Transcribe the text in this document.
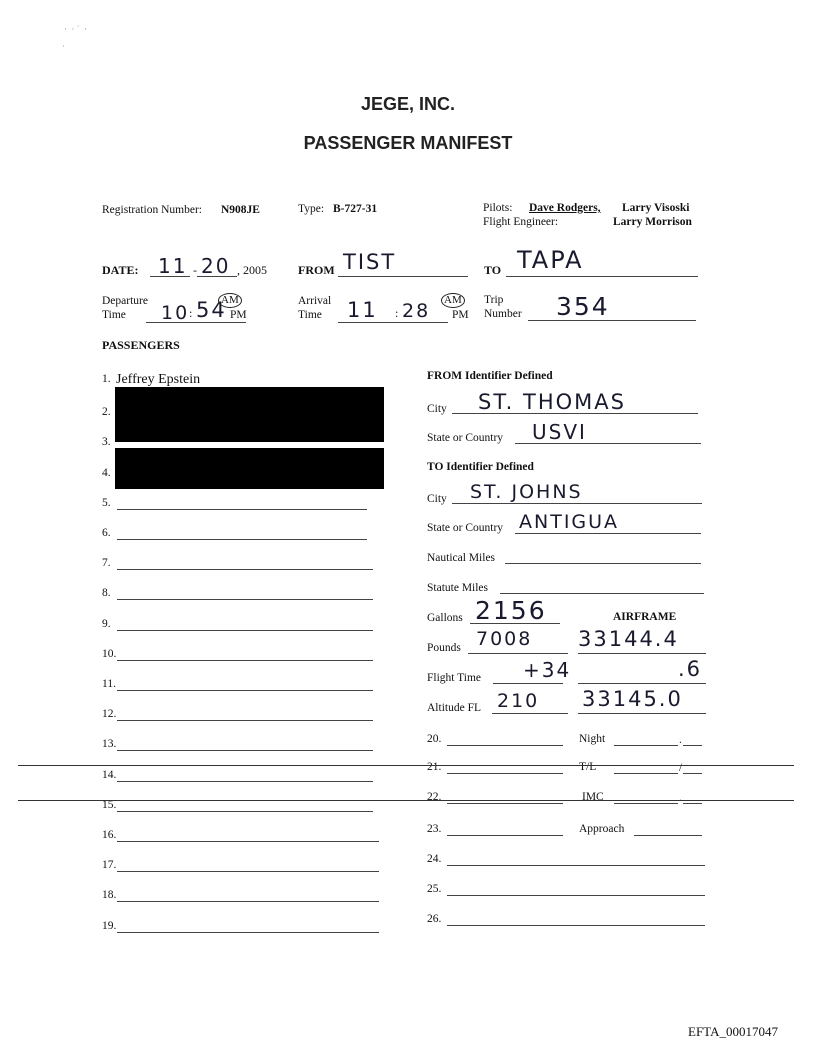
·  ⋅ ˙  ·
˙
JEGE, INC.
PASSENGER MANIFEST
Registration Number: N908JE	Type: B-727-31	Pilots: Dave Rodgers, Larry Visoski
Flight Engineer:	Larry Morrison
DATE: 11 - 20 , 2005	FROM TIST	TO TAPA
Departure
Time	10 : 54
AM
PM
Arrival
Time	11 : 28 AM
PM
Trip
Number 354
PASSENGERS
1. Jeffrey Epstein
2.
3.
4.
5.
6.
7.
8.
9.
10.
11.
12.
13.
14.
15.
16.
17.
18.
19.
FROM Identifier Defined
City ST. THOMAS
State or Country USVI
TO Identifier Defined
City ST. JOHNS
State or Country ANTIGUA
Nautical Miles
Statute Miles
Gallons 2156	AIRFRAME
Pounds 7008 33144.4
Flight Time +34	.6
Altitude FL 210 33145.0
20.	Night	.
21.	T/L	/
22.	IMC	.
23.	Approach
24.
25.
26.
EFTA_00017047
